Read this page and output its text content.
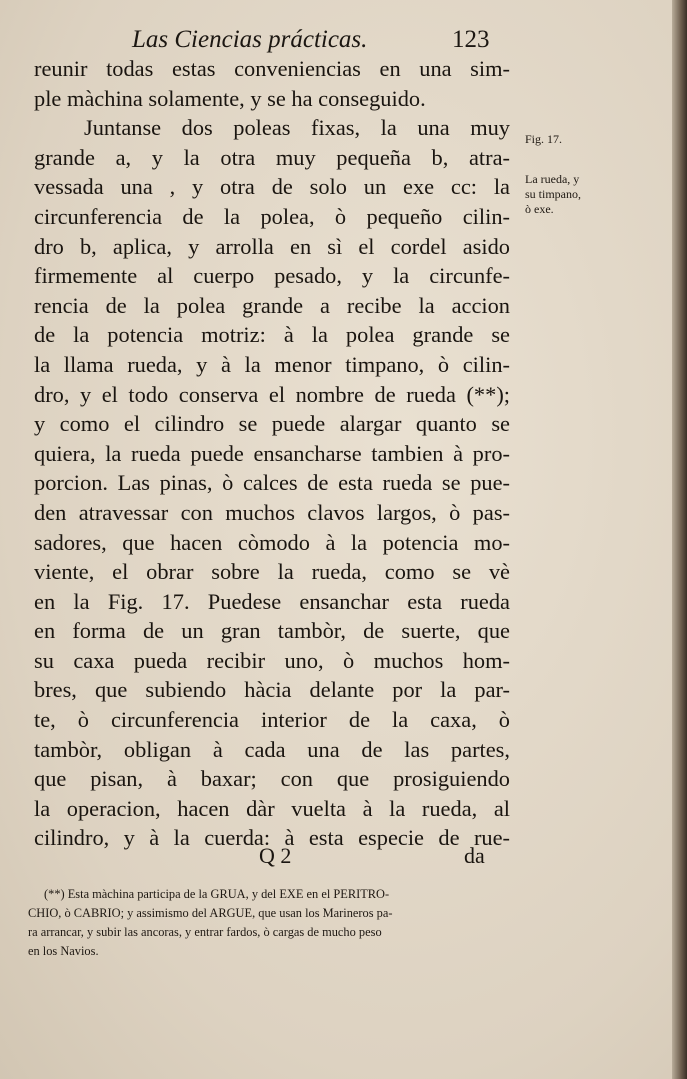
Las Ciencias prácticas.	123
reunir todas estas conveniencias en una sim-
ple màchina solamente, y se ha conseguido.
Juntanse dos poleas fixas, la una muy
grande a, y la otra muy pequeña b, atra-
vessada una , y otra de solo un exe cc: la
circunferencia de la polea, ò pequeño cilin-
dro b, aplica, y arrolla en sì el cordel asido
firmemente al cuerpo pesado, y la circunfe-
rencia de la polea grande a recibe la accion
de la potencia motriz: à la polea grande se
la llama rueda, y à la menor timpano, ò cilin-
dro, y el todo conserva el nombre de rueda (**);
y como el cilindro se puede alargar quanto se
quiera, la rueda puede ensancharse tambien à pro-
porcion. Las pinas, ò calces de esta rueda se pue-
den atravessar con muchos clavos largos, ò pas-
sadores, que hacen còmodo à la potencia mo-
viente, el obrar sobre la rueda, como se vè
en la Fig. 17. Puedese ensanchar esta rueda
en forma de un gran tambòr, de suerte, que
su caxa pueda recibir uno, ò muchos hom-
bres, que subiendo hàcia delante por la par-
te, ò circunferencia interior de la caxa, ò
tambòr, obligan à cada una de las partes,
que pisan, à baxar; con que prosiguiendo
la operacion, hacen dàr vuelta à la rueda, al
cilindro, y à la cuerda: à esta especie de rue-
Fig. 17.
La rueda, y
su timpano,
ò exe.
Q 2	da
(**) Esta màchina participa de la GRUA, y del EXE en el PERITRO-
CHIO, ò CABRIO; y assimismo del ARGUE, que usan los Marineros pa-
ra arrancar, y subir las ancoras, y entrar fardos, ò cargas de mucho peso
en los Navios.
